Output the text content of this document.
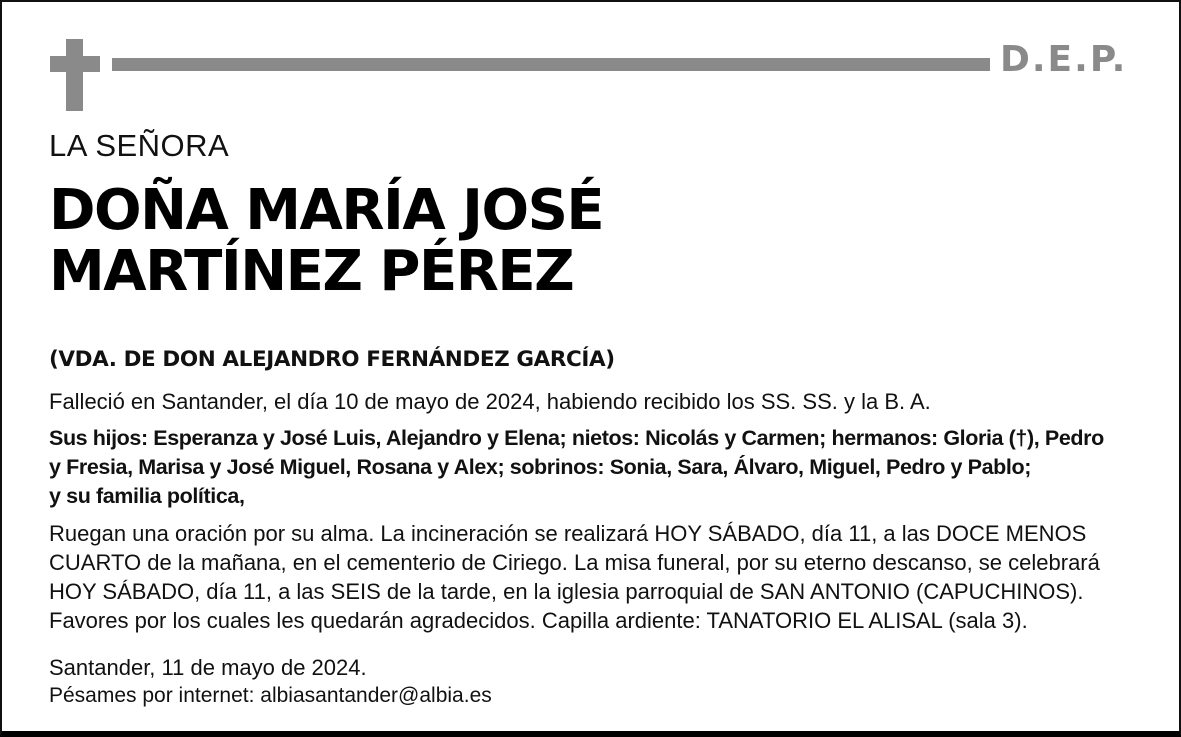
D.E.P.
LA SEÑORA
DOÑA MARÍA JOSÉ
MARTÍNEZ PÉREZ
(VDA. DE DON ALEJANDRO FERNÁNDEZ GARCÍA)
Falleció en Santander, el día 10 de mayo de 2024, habiendo recibido los SS. SS. y la B. A.
Sus hijos: Esperanza y José Luis, Alejandro y Elena; nietos: Nicolás y Carmen; hermanos: Gloria (†), Pedro
y Fresia, Marisa y José Miguel, Rosana y Alex; sobrinos: Sonia, Sara, Álvaro, Miguel, Pedro y Pablo;
y su familia política,
Ruegan una oración por su alma. La incineración se realizará HOY SÁBADO, día 11, a las DOCE MENOS
CUARTO de la mañana, en el cementerio de Ciriego. La misa funeral, por su eterno descanso, se celebrará
HOY SÁBADO, día 11, a las SEIS de la tarde, en la iglesia parroquial de SAN ANTONIO (CAPUCHINOS).
Favores por los cuales les quedarán agradecidos. Capilla ardiente: TANATORIO EL ALISAL (sala 3).
Santander, 11 de mayo de 2024.
Pésames por internet: albiasantander@albia.es
